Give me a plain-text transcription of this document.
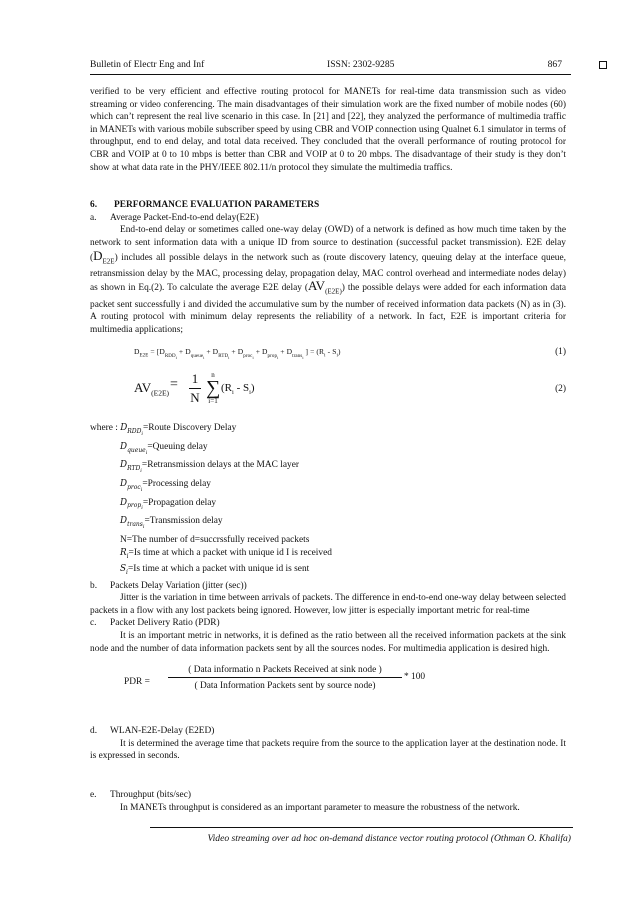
Bulletin of Electr Eng and Inf	ISSN: 2302-9285	867

verified to be very efficient and effective routing protocol for MANETs for real-time data transmission such as video streaming or video conferencing. The main disadvantages of their simulation work are the fixed number of mobile nodes (60) which can’t represent the real live scenario in this case. In [21] and [22], they analyzed the performance of multimedia traffic in MANETs with various mobile subscriber speed by using CBR and VOIP connection using Qualnet 6.1 simulator in terms of throughput, end to end delay, and total data received. They concluded that the overall performance of routing protocol for CBR and VOIP at 0 to 10 mbps is better than CBR and VOIP at 0 to 20 mbps. The disadvantage of their study is they don’t show at what data rate in the PHY/IEEE 802.11/n protocol they simulate the multimedia traffics.

6. PERFORMANCE EVALUATION PARAMETERS
a. Average Packet-End-to-end delay(E2E)

End-to-end delay or sometimes called one-way delay (OWD) of a network is defined as how much time taken by the network to sent information data with a unique ID from source to destination (successful packet transmission). E2E delay $(D_{E2E})$ includes all possible delays in the network such as (route discovery latency, queuing delay at the interface queue, retransmission delay by the MAC, processing delay, propagation delay, MAC control overhead and intermediate nodes delay) as shown in Eq.(2). To calculate the average E2E delay $(AV_{(E2E)})$ the possible delays were added for each information data packet sent successfully i and divided the accumulative sum by the number of received information data packets (N) as in (3). A routing protocol with minimum delay represents the reliability of a network. In fact, E2E is important criteria for multimedia applications;

$D_{E2E} = [D_{RDD_i} + D_{queue_i} + D_{RTD_i} + D_{proc_i} + D_{prop_i} + D_{trans_i}$ ] = $(R_i - S_i)$	(1)
$AV_{(E2E)}$
= 1
N
n
∑
i=1
$(R_i - S_i)$	(2)
where : $D_{RDD_i}=Route$ Discovery Delay
$D_{queue_i}=Queuing$ delay
$D_{RTD_i}=Retransmission$ delays at the MAC layer
$D_{proc_i}=Processing$ delay
$D_{prop_i}=Propagation$ delay
$D_{trans_i}=Transmission$ delay
N=The number of d=succrssfully received packets
$R_i=Is$ time at which a packet with unique id I is received
$S_i=Is$ time at which a packet with unique id is sent
b. Packets Delay Variation (jitter (sec))

Jitter is the variation in time between arrivals of packets. The difference in end-to-end one-way delay between selected packets in a flow with any lost packets being ignored. However, low jitter is especially important metric for real-time

c. Packet Delivery Ratio (PDR)

It is an important metric in networks, it is defined as the ratio between all the received information packets at the sink node and the number of data information packets sent by all the sources nodes. For multimedia application is desired high.

PDR =
( Data informatio n Packets Received at sink node )
( Data Information Packets sent by source node)
* 100
d. WLAN-E2E-Delay (E2ED)

It is determined the average time that packets require from the source to the application layer at the destination node. It is expressed in seconds.

e. Throughput (bits/sec)

In MANETs throughput is considered as an important parameter to measure the robustness of the network.

Video streaming over ad hoc on-demand distance vector routing protocol (Othman O. Khalifa)
